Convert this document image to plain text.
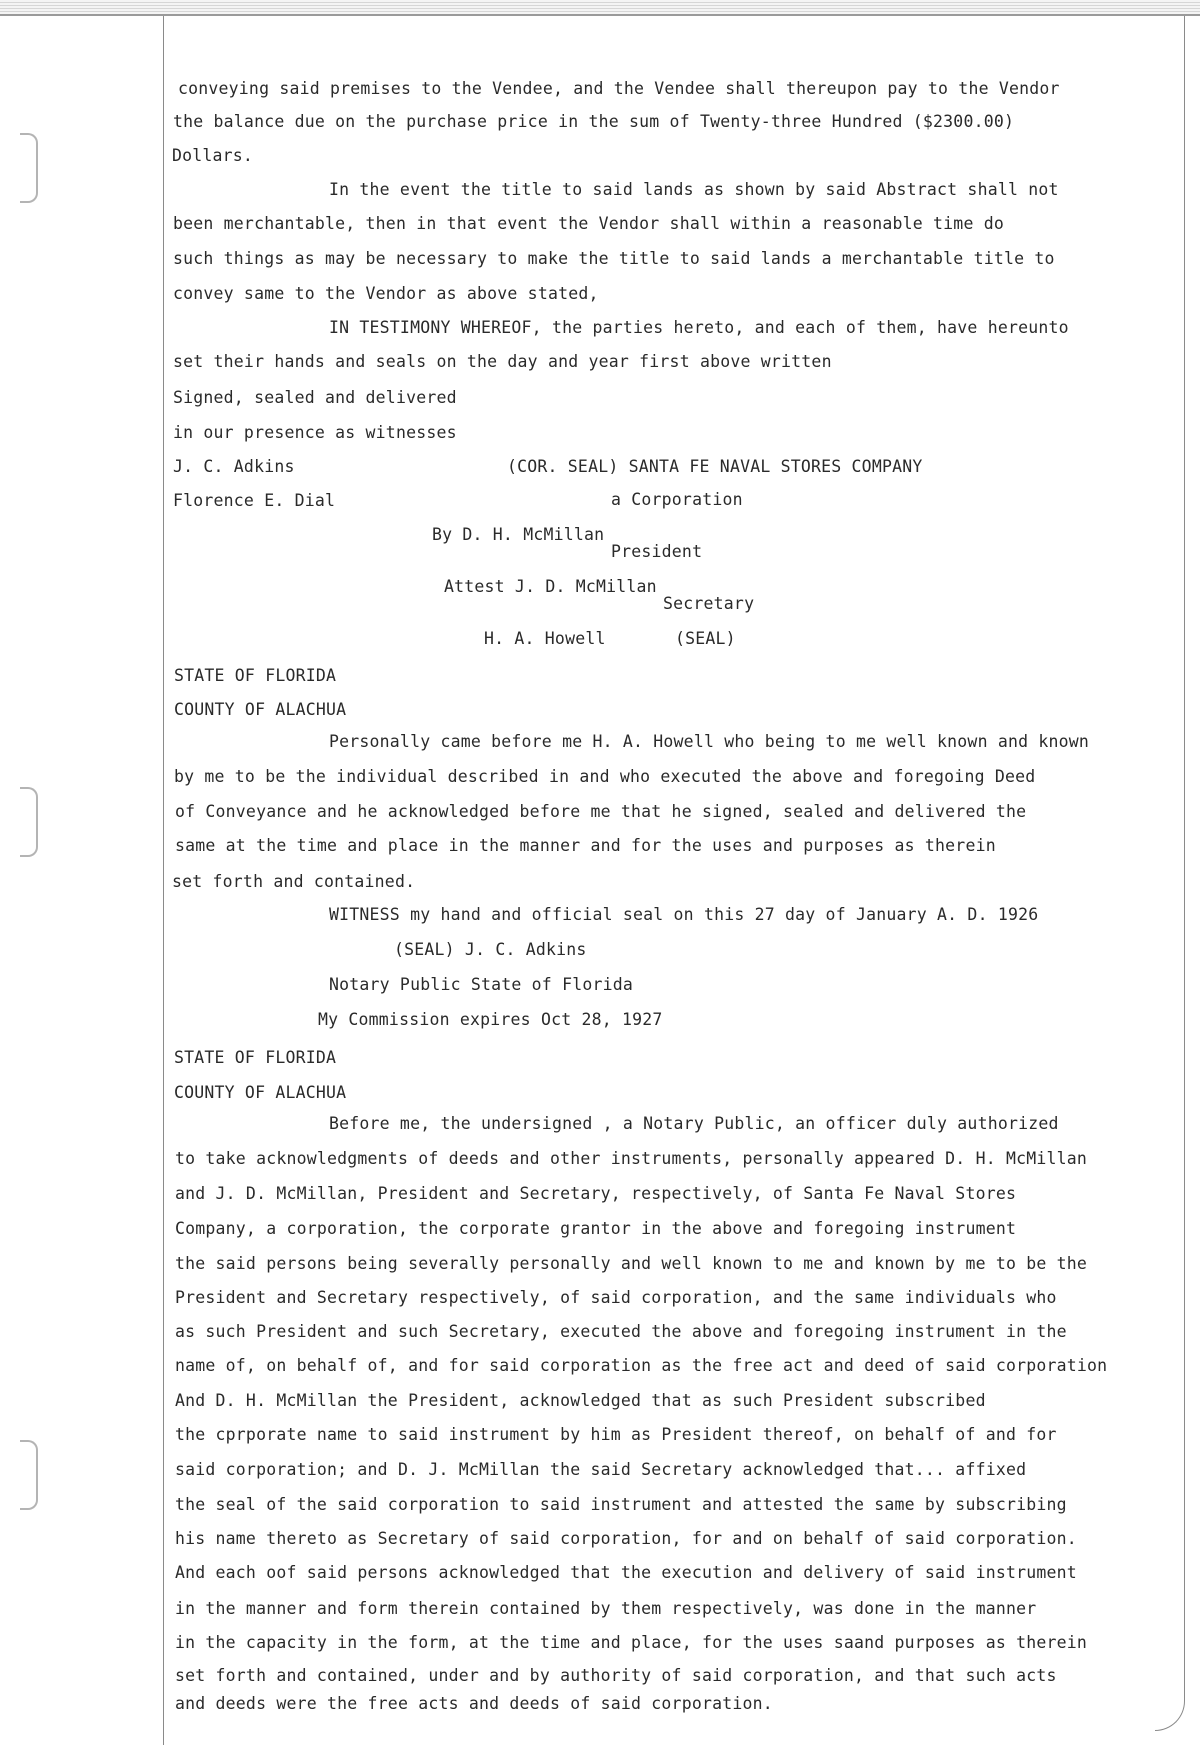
conveying said premises to the Vendee, and the Vendee shall thereupon pay to the Vendor
the balance due on the purchase price in the sum of Twenty-three Hundred ($2300.00)
Dollars.
In the event the title to said lands as shown by said Abstract shall not
been merchantable, then in that event the Vendor shall within a reasonable time do
such things as may be necessary to make the title to said lands a merchantable title to
convey same to the Vendor as above stated,
IN TESTIMONY WHEREOF, the parties hereto, and each of them, have hereunto
set their hands and seals on the day and year first above written
Signed, sealed and delivered
in our presence as witnesses
J. C. Adkins	(COR. SEAL) SANTA FE NAVAL STORES COMPANY
Florence E. Dial	a Corporation
By D. H. McMillan
President
Attest J. D. McMillan
Secretary
H. A. Howell	(SEAL)
STATE OF FLORIDA
COUNTY OF ALACHUA
Personally came before me H. A. Howell who being to me well known and known
by me to be the individual described in and who executed the above and foregoing Deed
of Conveyance and he acknowledged before me that he signed, sealed and delivered the
same at the time and place in the manner and for the uses and purposes as therein
set forth and contained.
WITNESS my hand and official seal on this 27 day of January A. D. 1926
(SEAL) J. C. Adkins
Notary Public State of Florida
My Commission expires Oct 28, 1927
STATE OF FLORIDA
COUNTY OF ALACHUA
Before me, the undersigned , a Notary Public, an officer duly authorized
to take acknowledgments of deeds and other instruments, personally appeared D. H. McMillan
and J. D. McMillan, President and Secretary, respectively, of Santa Fe Naval Stores
Company, a corporation, the corporate grantor in the above and foregoing instrument
the said persons being severally personally and well known to me and known by me to be the
President and Secretary respectively, of said corporation, and the same individuals who
as such President and such Secretary, executed the above and foregoing instrument in the
name of, on behalf of, and for said corporation as the free act and deed of said corporation
And D. H. McMillan the President, acknowledged that as such President subscribed
the cprporate name to said instrument by him as President thereof, on behalf of and for
said corporation; and D. J. McMillan the said Secretary acknowledged that... affixed
the seal of the said corporation to said instrument and attested the same by subscribing
his name thereto as Secretary of said corporation, for and on behalf of said corporation.
And each oof said persons acknowledged that the execution and delivery of said instrument
in the manner and form therein contained by them respectively, was done in the manner
in the capacity in the form, at the time and place, for the uses saand purposes as therein
set forth and contained, under and by authority of said corporation, and that such acts
and deeds were the free acts and deeds of said corporation.
